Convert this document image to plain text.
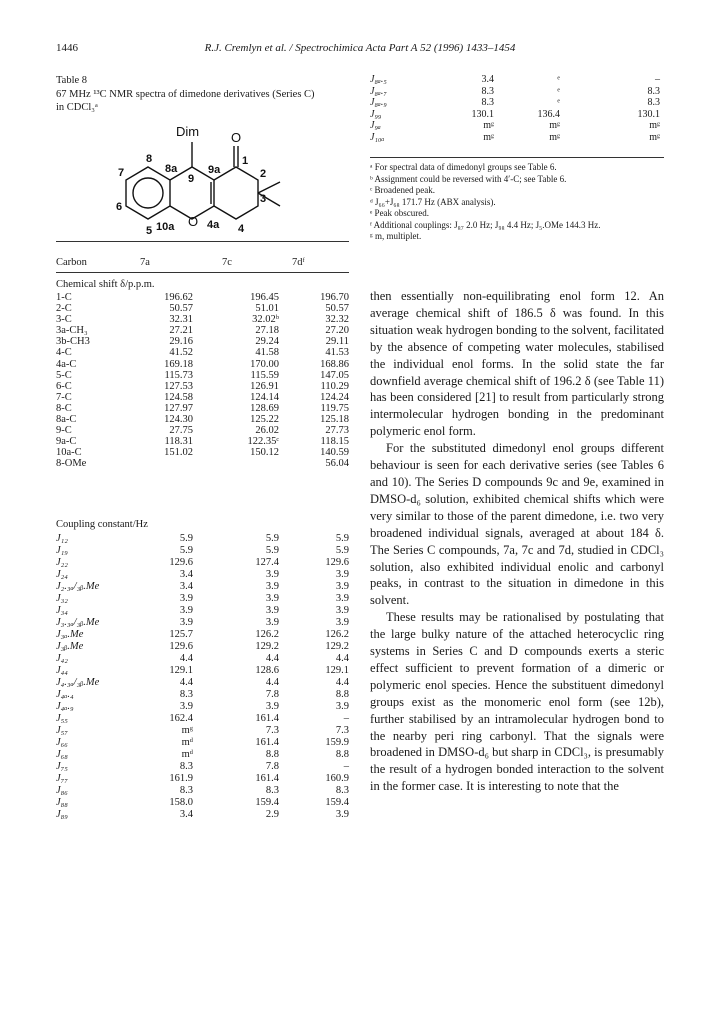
1446	R.J. Cremlyn et al. / Spectrochimica Acta Part A 52 (1996) 1433–1454
Table 8
67 MHz ¹³C NMR spectra of dimedone derivatives (Series C)
in CDCl₃ᵃ
Dim O
O
8
7
6
5
8a
9
9a
10a	4a
2
3
4
1
Carbon	7a	7c	7dᶠ
Chemical shift δ/p.p.m.
1-C	196.62	196.45	196.70
2-C	50.57	51.01	50.57
3-C	32.31	32.02ᵇ	32.32
3a-CH₃	27.21	27.18	27.20
3b-CH3	29.16	29.24	29.11
4-C	41.52	41.58	41.53
4a-C	169.18	170.00	168.86
5-C	115.73	115.59	147.05
6-C	127.53	126.91	110.29
7-C	124.58	124.14	124.24
8-C	127.97	128.69	119.75
8a-C	124.30	125.22	125.18
9-C	27.75	26.02	27.73
9a-C	118.31	122.35ᶜ	118.15
10a-C	151.02	150.12	140.59
8-OMe			56.04
Coupling constant/Hz
J₁₂	5.9	5.9	5.9
J₁₉	5.9	5.9	5.9
J₂₂	129.6	127.4	129.6
J₂₄	3.4	3.9	3.9
J₂.₃ₐ/₃ᵦ.Me	3.4	3.9	3.9
J₃₂	3.9	3.9	3.9
J₃₄	3.9	3.9	3.9
J₃.₃ₐ/₃ᵦ.Me	3.9	3.9	3.9
J₃ₐ.Me	125.7	126.2	126.2
J₃ᵦ.Me	129.6	129.2	129.2
J₄₂	4.4	4.4	4.4
J₄₄	129.1	128.6	129.1
J₄.₃ₐ/₃ᵦ.Me	4.4	4.4	4.4
J₄ₐ.₄	8.3	7.8	8.8
J₄ₐ.₉	3.9	3.9	3.9
J₅₅	162.4	161.4	–
J₅₇	mᵍ	7.3	7.3
J₆₆	mᵈ	161.4	159.9
J₆₈	mᵈ	8.8	8.8
J₇₅	8.3	7.8	–
J₇₇	161.9	161.4	160.9
J₈₆	8.3	8.3	8.3
J₈₈	158.0	159.4	159.4
J₈₉	3.4	2.9	3.9
J₈ₐ.₅	3.4	ᵉ	–
J₈ₐ.₇	8.3	ᵉ	8.3
J₈ₐ.₉	8.3	ᵉ	8.3
J₉₉	130.1	136.4	130.1
J₉ₐ	mᵍ	mᵍ	mᵍ
J₁₀ₐ	mᵍ	mᵍ	mᵍ
ᵃ For spectral data of dimedonyl groups see Table 6.
ᵇ Assignment could be reversed with 4′-C; see Table 6.
ᶜ Broadened peak.
ᵈ J₆₆+J₆₈ 171.7 Hz (ABX analysis).
ᵉ Peak obscured.
ᶠ Additional couplings: J₈₇ 2.0 Hz; J₉₈ 4.4 Hz; J₅.OMe 144.3 Hz.
ᵍ m, multiplet.

then essentially non-equilibrating enol form 12. An average chemical shift of 186.5 δ was found. In this situation weak hydrogen bonding to the solvent, facilitated by the absence of competing water molecules, stabilised the individual enol forms. In the solid state the far downfield average chemical shift of 196.2 δ (see Table 11) has been considered [21] to result from particularly strong intermolecular hydrogen bonding in the predominant polymeric enol form.

For the substituted dimedonyl enol groups different behaviour is seen for each derivative series (see Tables 6 and 10). The Series D compounds 9c and 9e, examined in DMSO-d₆ solution, exhibited chemical shifts which were very similar to those of the parent dimedone, i.e. two very broadened individual signals, averaged at about 184 δ. The Series C compounds, 7a, 7c and 7d, studied in CDCl₃ solution, also exhibited individual enolic and carbonyl peaks, in contrast to the situation in dimedone in this solvent.

These results may be rationalised by postulating that the large bulky nature of the attached heterocyclic ring systems in Series C and D compounds exerts a steric effect sufficient to prevent formation of a dimeric or polymeric enol species. Hence the substituent dimedonyl groups exist as the monomeric enol form (see 12b), further stabilised by an intramolecular hydrogen bond to the nearby peri ring carbonyl. That the signals were broadened in DMSO-d₆ but sharp in CDCl₃, is presumably the result of a hydrogen bonded interaction to the solvent in the former case. It is interesting to note that the
